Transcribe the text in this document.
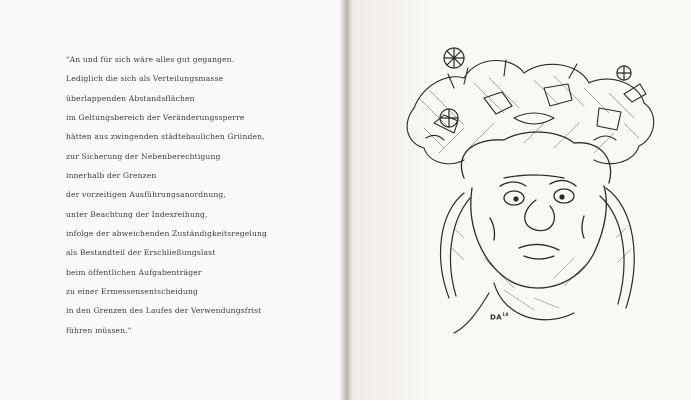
"An und für sich wäre alles gut gegangen.
Lediglich die sich als Verteilungsmasse
überlappenden Abstandsflächen
im Geltungsbereich der Veränderungssperre
hätten aus zwingenden städtebaulichen Gründen,
zur Sicherung der Nebenberechtigung
innerhalb der Grenzen
der vorzeitigen Ausführungsanordnung,
unter Beachtung der Indexreihung,
infolge der abweichenden Zuständigkeitsregelung
als Bestandteil der Erschließungslast
beim öffentlichen Aufgabenträger
zu einer Ermessensentscheidung
in den Grenzen des Laufes der Verwendungsfrist
führen müssen."
DA$^{18}$
